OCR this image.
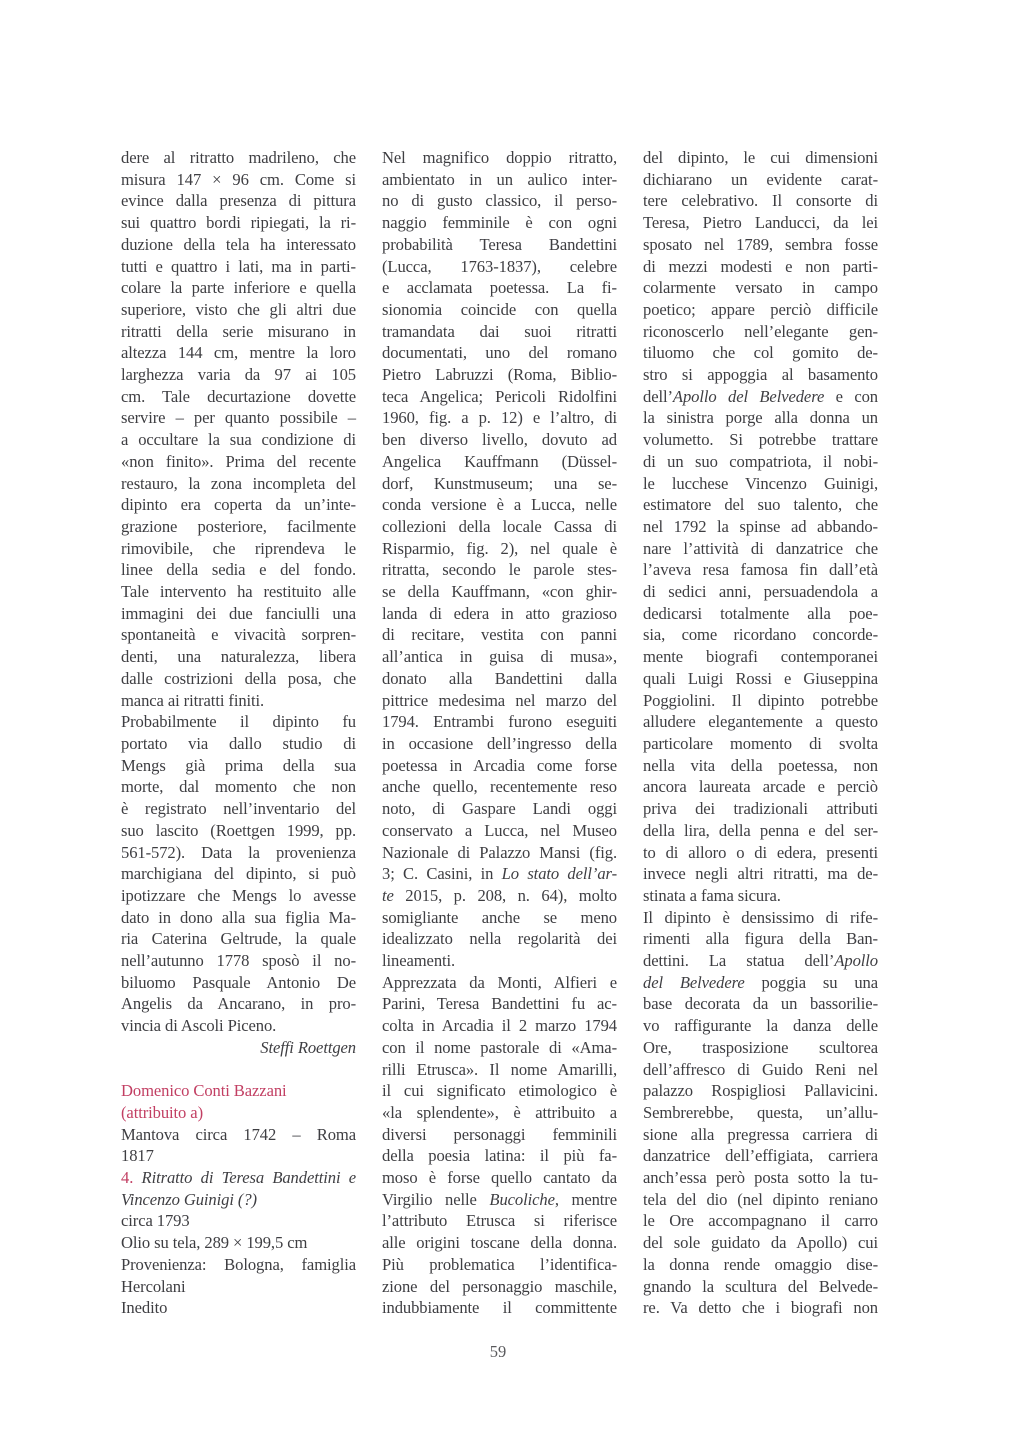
dere al ritratto madrileno, che
misura 147 × 96 cm. Come si
evince dalla presenza di pittura
sui quattro bordi ripiegati, la ri-
duzione della tela ha interessato
tutti e quattro i lati, ma in parti-
colare la parte inferiore e quella
superiore, visto che gli altri due
ritratti della serie misurano in
altezza 144 cm, mentre la loro
larghezza varia da 97 ai 105
cm. Tale decurtazione dovette
servire – per quanto possibile –
a occultare la sua condizione di
«non finito». Prima del recente
restauro, la zona incompleta del
dipinto era coperta da un’inte-
grazione posteriore, facilmente
rimovibile, che riprendeva le
linee della sedia e del fondo.
Tale intervento ha restituito alle
immagini dei due fanciulli una
spontaneità e vivacità sorpren-
denti, una naturalezza, libera
dalle costrizioni della posa, che
manca ai ritratti finiti.
Probabilmente il dipinto fu
portato via dallo studio di
Mengs già prima della sua
morte, dal momento che non
è registrato nell’inventario del
suo lascito (Roettgen 1999, pp.
561-572). Data la provenienza
marchigiana del dipinto, si può
ipotizzare che Mengs lo avesse
dato in dono alla sua figlia Ma-
ria Caterina Geltrude, la quale
nell’autunno 1778 sposò il no-
biluomo Pasquale Antonio De
Angelis da Ancarano, in pro-
vincia di Ascoli Piceno.
Steffi Roettgen
Domenico Conti Bazzani
(attribuito a)
Mantova circa 1742 – Roma
1817
4. Ritratto di Teresa Bandettini e
Vincenzo Guinigi (?)
circa 1793
Olio su tela, 289 × 199,5 cm
Provenienza: Bologna, famiglia
Hercolani
Inedito
Nel magnifico doppio ritratto,
ambientato in un aulico inter-
no di gusto classico, il perso-
naggio femminile è con ogni
probabilità Teresa Bandettini
(Lucca, 1763-1837), celebre
e acclamata poetessa. La fi-
sionomia coincide con quella
tramandata dai suoi ritratti
documentati, uno del romano
Pietro Labruzzi (Roma, Biblio-
teca Angelica; Pericoli Ridolfini
1960, fig. a p. 12) e l’altro, di
ben diverso livello, dovuto ad
Angelica Kauffmann (Düssel-
dorf, Kunstmuseum; una se-
conda versione è a Lucca, nelle
collezioni della locale Cassa di
Risparmio, fig. 2), nel quale è
ritratta, secondo le parole stes-
se della Kauffmann, «con ghir-
landa di edera in atto grazioso
di recitare, vestita con panni
all’antica in guisa di musa»,
donato alla Bandettini dalla
pittrice medesima nel marzo del
1794. Entrambi furono eseguiti
in occasione dell’ingresso della
poetessa in Arcadia come forse
anche quello, recentemente reso
noto, di Gaspare Landi oggi
conservato a Lucca, nel Museo
Nazionale di Palazzo Mansi (fig.
3; C. Casini, in Lo stato dell’ar-
te 2015, p. 208, n. 64), molto
somigliante anche se meno
idealizzato nella regolarità dei
lineamenti.
Apprezzata da Monti, Alfieri e
Parini, Teresa Bandettini fu ac-
colta in Arcadia il 2 marzo 1794
con il nome pastorale di «Ama-
rilli Etrusca». Il nome Amarilli,
il cui significato etimologico è
«la splendente», è attribuito a
diversi personaggi femminili
della poesia latina: il più fa-
moso è forse quello cantato da
Virgilio nelle Bucoliche, mentre
l’attributo Etrusca si riferisce
alle origini toscane della donna.
Più problematica l’identifica-
zione del personaggio maschile,
indubbiamente il committente
del dipinto, le cui dimensioni
dichiarano un evidente carat-
tere celebrativo. Il consorte di
Teresa, Pietro Landucci, da lei
sposato nel 1789, sembra fosse
di mezzi modesti e non parti-
colarmente versato in campo
poetico; appare perciò difficile
riconoscerlo nell’elegante gen-
tiluomo che col gomito de-
stro si appoggia al basamento
dell’Apollo del Belvedere e con
la sinistra porge alla donna un
volumetto. Si potrebbe trattare
di un suo compatriota, il nobi-
le lucchese Vincenzo Guinigi,
estimatore del suo talento, che
nel 1792 la spinse ad abbando-
nare l’attività di danzatrice che
l’aveva resa famosa fin dall’età
di sedici anni, persuadendola a
dedicarsi totalmente alla poe-
sia, come ricordano concorde-
mente biografi contemporanei
quali Luigi Rossi e Giuseppina
Poggiolini. Il dipinto potrebbe
alludere elegantemente a questo
particolare momento di svolta
nella vita della poetessa, non
ancora laureata arcade e perciò
priva dei tradizionali attributi
della lira, della penna e del ser-
to di alloro o di edera, presenti
invece negli altri ritratti, ma de-
stinata a fama sicura.
Il dipinto è densissimo di rife-
rimenti alla figura della Ban-
dettini. La statua dell’Apollo
del Belvedere poggia su una
base decorata da un bassorilie-
vo raffigurante la danza delle
Ore, trasposizione scultorea
dell’affresco di Guido Reni nel
palazzo Rospigliosi Pallavicini.
Sembrerebbe, questa, un’allu-
sione alla pregressa carriera di
danzatrice dell’effigiata, carriera
anch’essa però posta sotto la tu-
tela del dio (nel dipinto reniano
le Ore accompagnano il carro
del sole guidato da Apollo) cui
la donna rende omaggio dise-
gnando la scultura del Belvede-
re. Va detto che i biografi non
59
